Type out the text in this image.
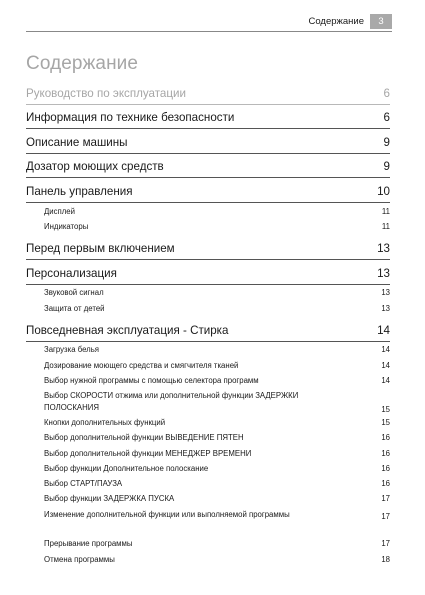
Содержание	3
Содержание
Руководство по эксплуатации	6
Информация по технике безопасности	6
Описание машины	9
Дозатор моющих средств	9
Панель управления	10
Дисплей	11
Индикаторы	11
Перед первым включением	13
Персонализация	13
Звуковой сигнал	13
Защита от детей	13
Повседневная эксплуатация - Стирка	14
Загрузка белья	14
Дозирование моющего средства и смягчителя тканей	14
Выбор нужной программы с помощью селектора программ	14
Выбор СКОРОСТИ отжима или дополнительной функции ЗАДЕРЖКИ ПОЛОСКАНИЯ	15
Кнопки дополнительных функций	15
Выбор дополнительной функции ВЫВЕДЕНИЕ ПЯТЕН	16
Выбор дополнительной функции МЕНЕДЖЕР ВРЕМЕНИ	16
Выбор функции Дополнительное полоскание	16
Выбор СТАРТ/ПАУЗА	16
Выбор функции ЗАДЕРЖКА ПУСКА	17
Изменение дополнительной функции или выполняемой программы	17
Прерывание программы	17
Отмена программы	18
